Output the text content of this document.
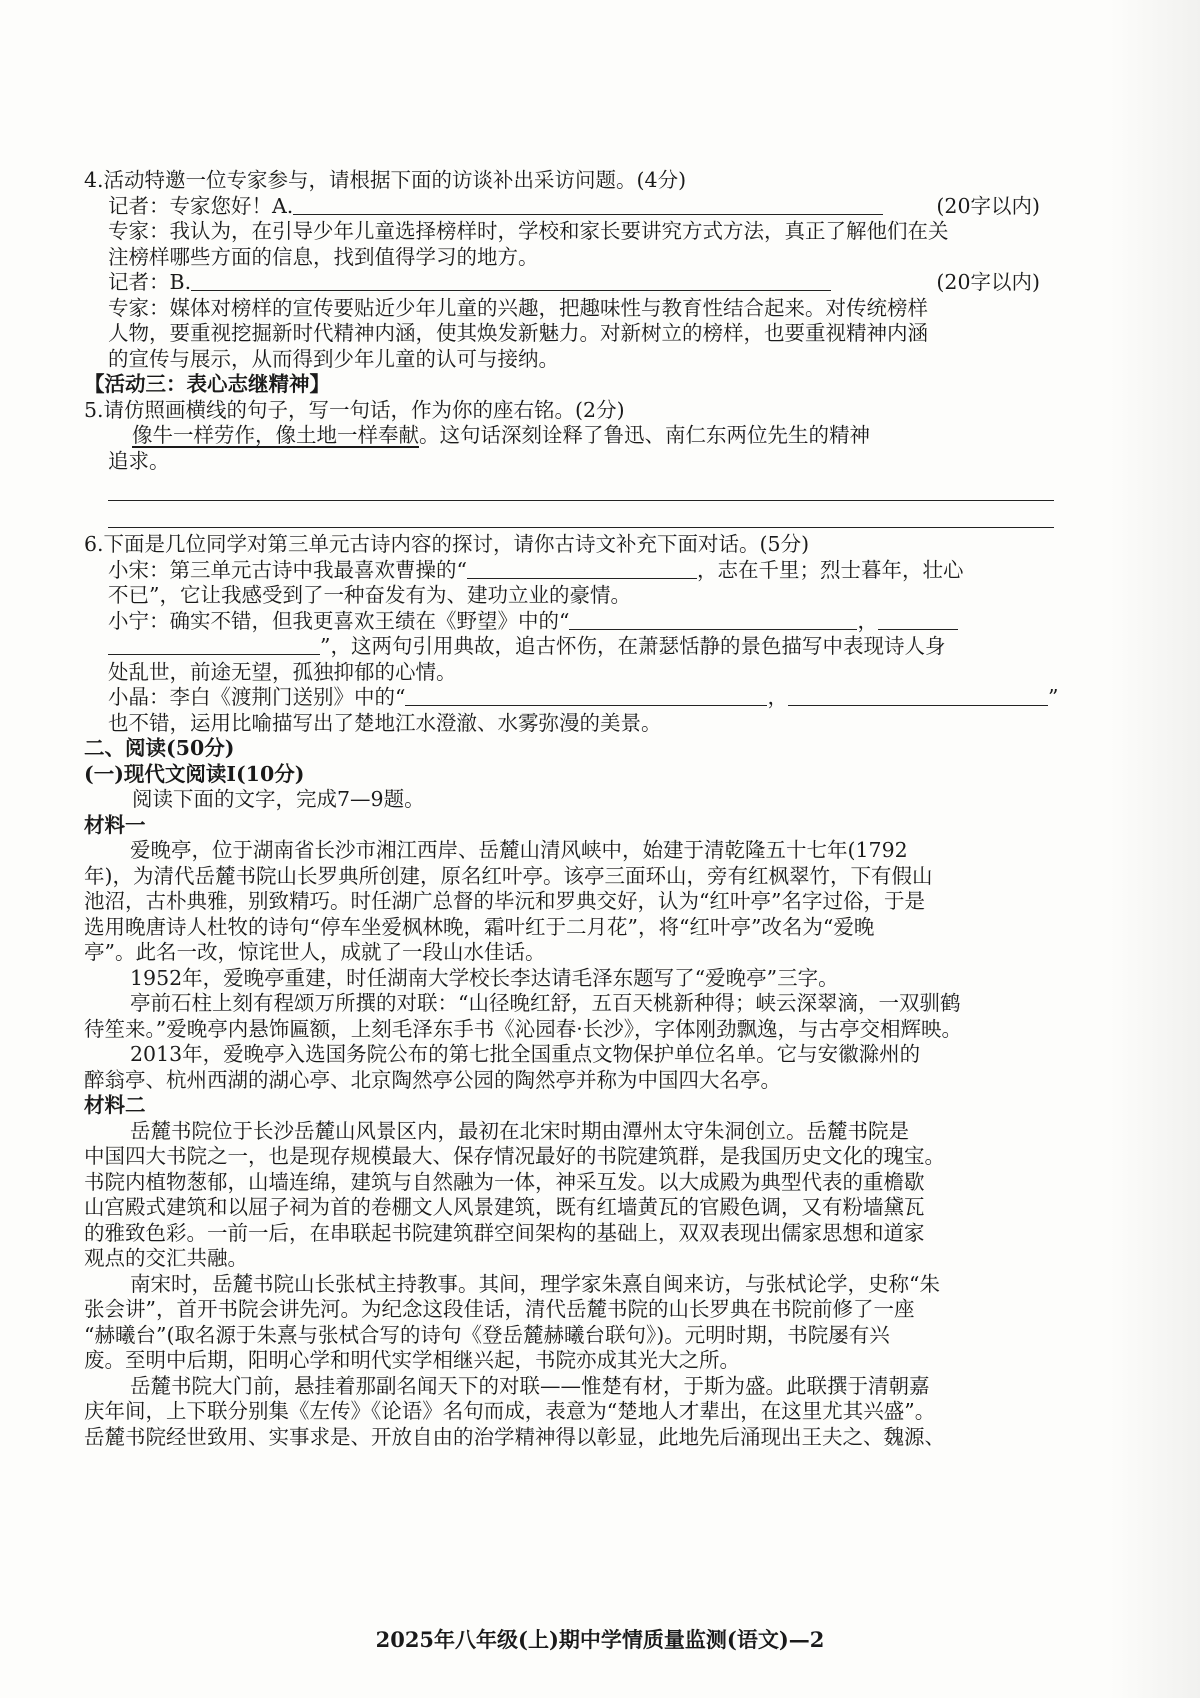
4.活动特邀一位专家参与，请根据下面的访谈补出采访问题。(4分)
记者：专家您好！A.	(20字以内)
专家：我认为，在引导少年儿童选择榜样时，学校和家长要讲究方式方法，真正了解他们在关
注榜样哪些方面的信息，找到值得学习的地方。
记者：B.	(20字以内)
专家：媒体对榜样的宣传要贴近少年儿童的兴趣，把趣味性与教育性结合起来。对传统榜样
人物，要重视挖掘新时代精神内涵，使其焕发新魅力。对新树立的榜样，也要重视精神内涵
的宣传与展示，从而得到少年儿童的认可与接纳。
【活动三：表心志继精神】
5.请仿照画横线的句子，写一句话，作为你的座右铭。(2分)
像牛一样劳作，像土地一样奉献。这句话深刻诠释了鲁迅、南仁东两位先生的精神
追求。
6.下面是几位同学对第三单元古诗内容的探讨，请你古诗文补充下面对话。(5分)
小宋：第三单元古诗中我最喜欢曹操的“	，志在千里；烈士暮年，壮心
不已”，它让我感受到了一种奋发有为、建功立业的豪情。
小宁：确实不错，但我更喜欢王绩在《野望》中的“	，
”，这两句引用典故，追古怀伤，在萧瑟恬静的景色描写中表现诗人身
处乱世，前途无望，孤独抑郁的心情。
小晶：李白《渡荆门送别》中的“	，	”
也不错，运用比喻描写出了楚地江水澄澈、水雾弥漫的美景。
二、阅读(50分)
(一)现代文阅读Ⅰ(10分)
阅读下面的文字，完成7—9题。
材料一
爱晚亭，位于湖南省长沙市湘江西岸、岳麓山清风峡中，始建于清乾隆五十七年(1792
年)，为清代岳麓书院山长罗典所创建，原名红叶亭。该亭三面环山，旁有红枫翠竹，下有假山
池沼，古朴典雅，别致精巧。时任湖广总督的毕沅和罗典交好，认为“红叶亭”名字过俗，于是
选用晚唐诗人杜牧的诗句“停车坐爱枫林晚，霜叶红于二月花”，将“红叶亭”改名为“爱晚
亭”。此名一改，惊诧世人，成就了一段山水佳话。
1952年，爱晚亭重建，时任湖南大学校长李达请毛泽东题写了“爱晚亭”三字。
亭前石柱上刻有程颂万所撰的对联：“山径晚红舒，五百天桃新种得；峡云深翠滴，一双驯鹤
待笙来。”爱晚亭内悬饰匾额，上刻毛泽东手书《沁园春·长沙》，字体刚劲飘逸，与古亭交相辉映。
2013年，爱晚亭入选国务院公布的第七批全国重点文物保护单位名单。它与安徽滁州的
醉翁亭、杭州西湖的湖心亭、北京陶然亭公园的陶然亭并称为中国四大名亭。
材料二
岳麓书院位于长沙岳麓山风景区内，最初在北宋时期由潭州太守朱洞创立。岳麓书院是
中国四大书院之一，也是现存规模最大、保存情况最好的书院建筑群，是我国历史文化的瑰宝。
书院内植物葱郁，山墙连绵，建筑与自然融为一体，神采互发。以大成殿为典型代表的重檐歇
山宫殿式建筑和以屈子祠为首的卷棚文人风景建筑，既有红墙黄瓦的官殿色调，又有粉墙黛瓦
的雅致色彩。一前一后，在串联起书院建筑群空间架构的基础上，双双表现出儒家思想和道家
观点的交汇共融。
南宋时，岳麓书院山长张栻主持教事。其间，理学家朱熹自闽来访，与张栻论学，史称“朱
张会讲”，首开书院会讲先河。为纪念这段佳话，清代岳麓书院的山长罗典在书院前修了一座
“赫曦台”(取名源于朱熹与张栻合写的诗句《登岳麓赫曦台联句》)。元明时期，书院屡有兴
废。至明中后期，阳明心学和明代实学相继兴起，书院亦成其光大之所。
岳麓书院大门前，悬挂着那副名闻天下的对联——惟楚有材，于斯为盛。此联撰于清朝嘉
庆年间，上下联分别集《左传》《论语》名句而成，表意为“楚地人才辈出，在这里尤其兴盛”。
岳麓书院经世致用、实事求是、开放自由的治学精神得以彰显，此地先后涌现出王夫之、魏源、
2025年八年级(上)期中学情质量监测(语文)—2
